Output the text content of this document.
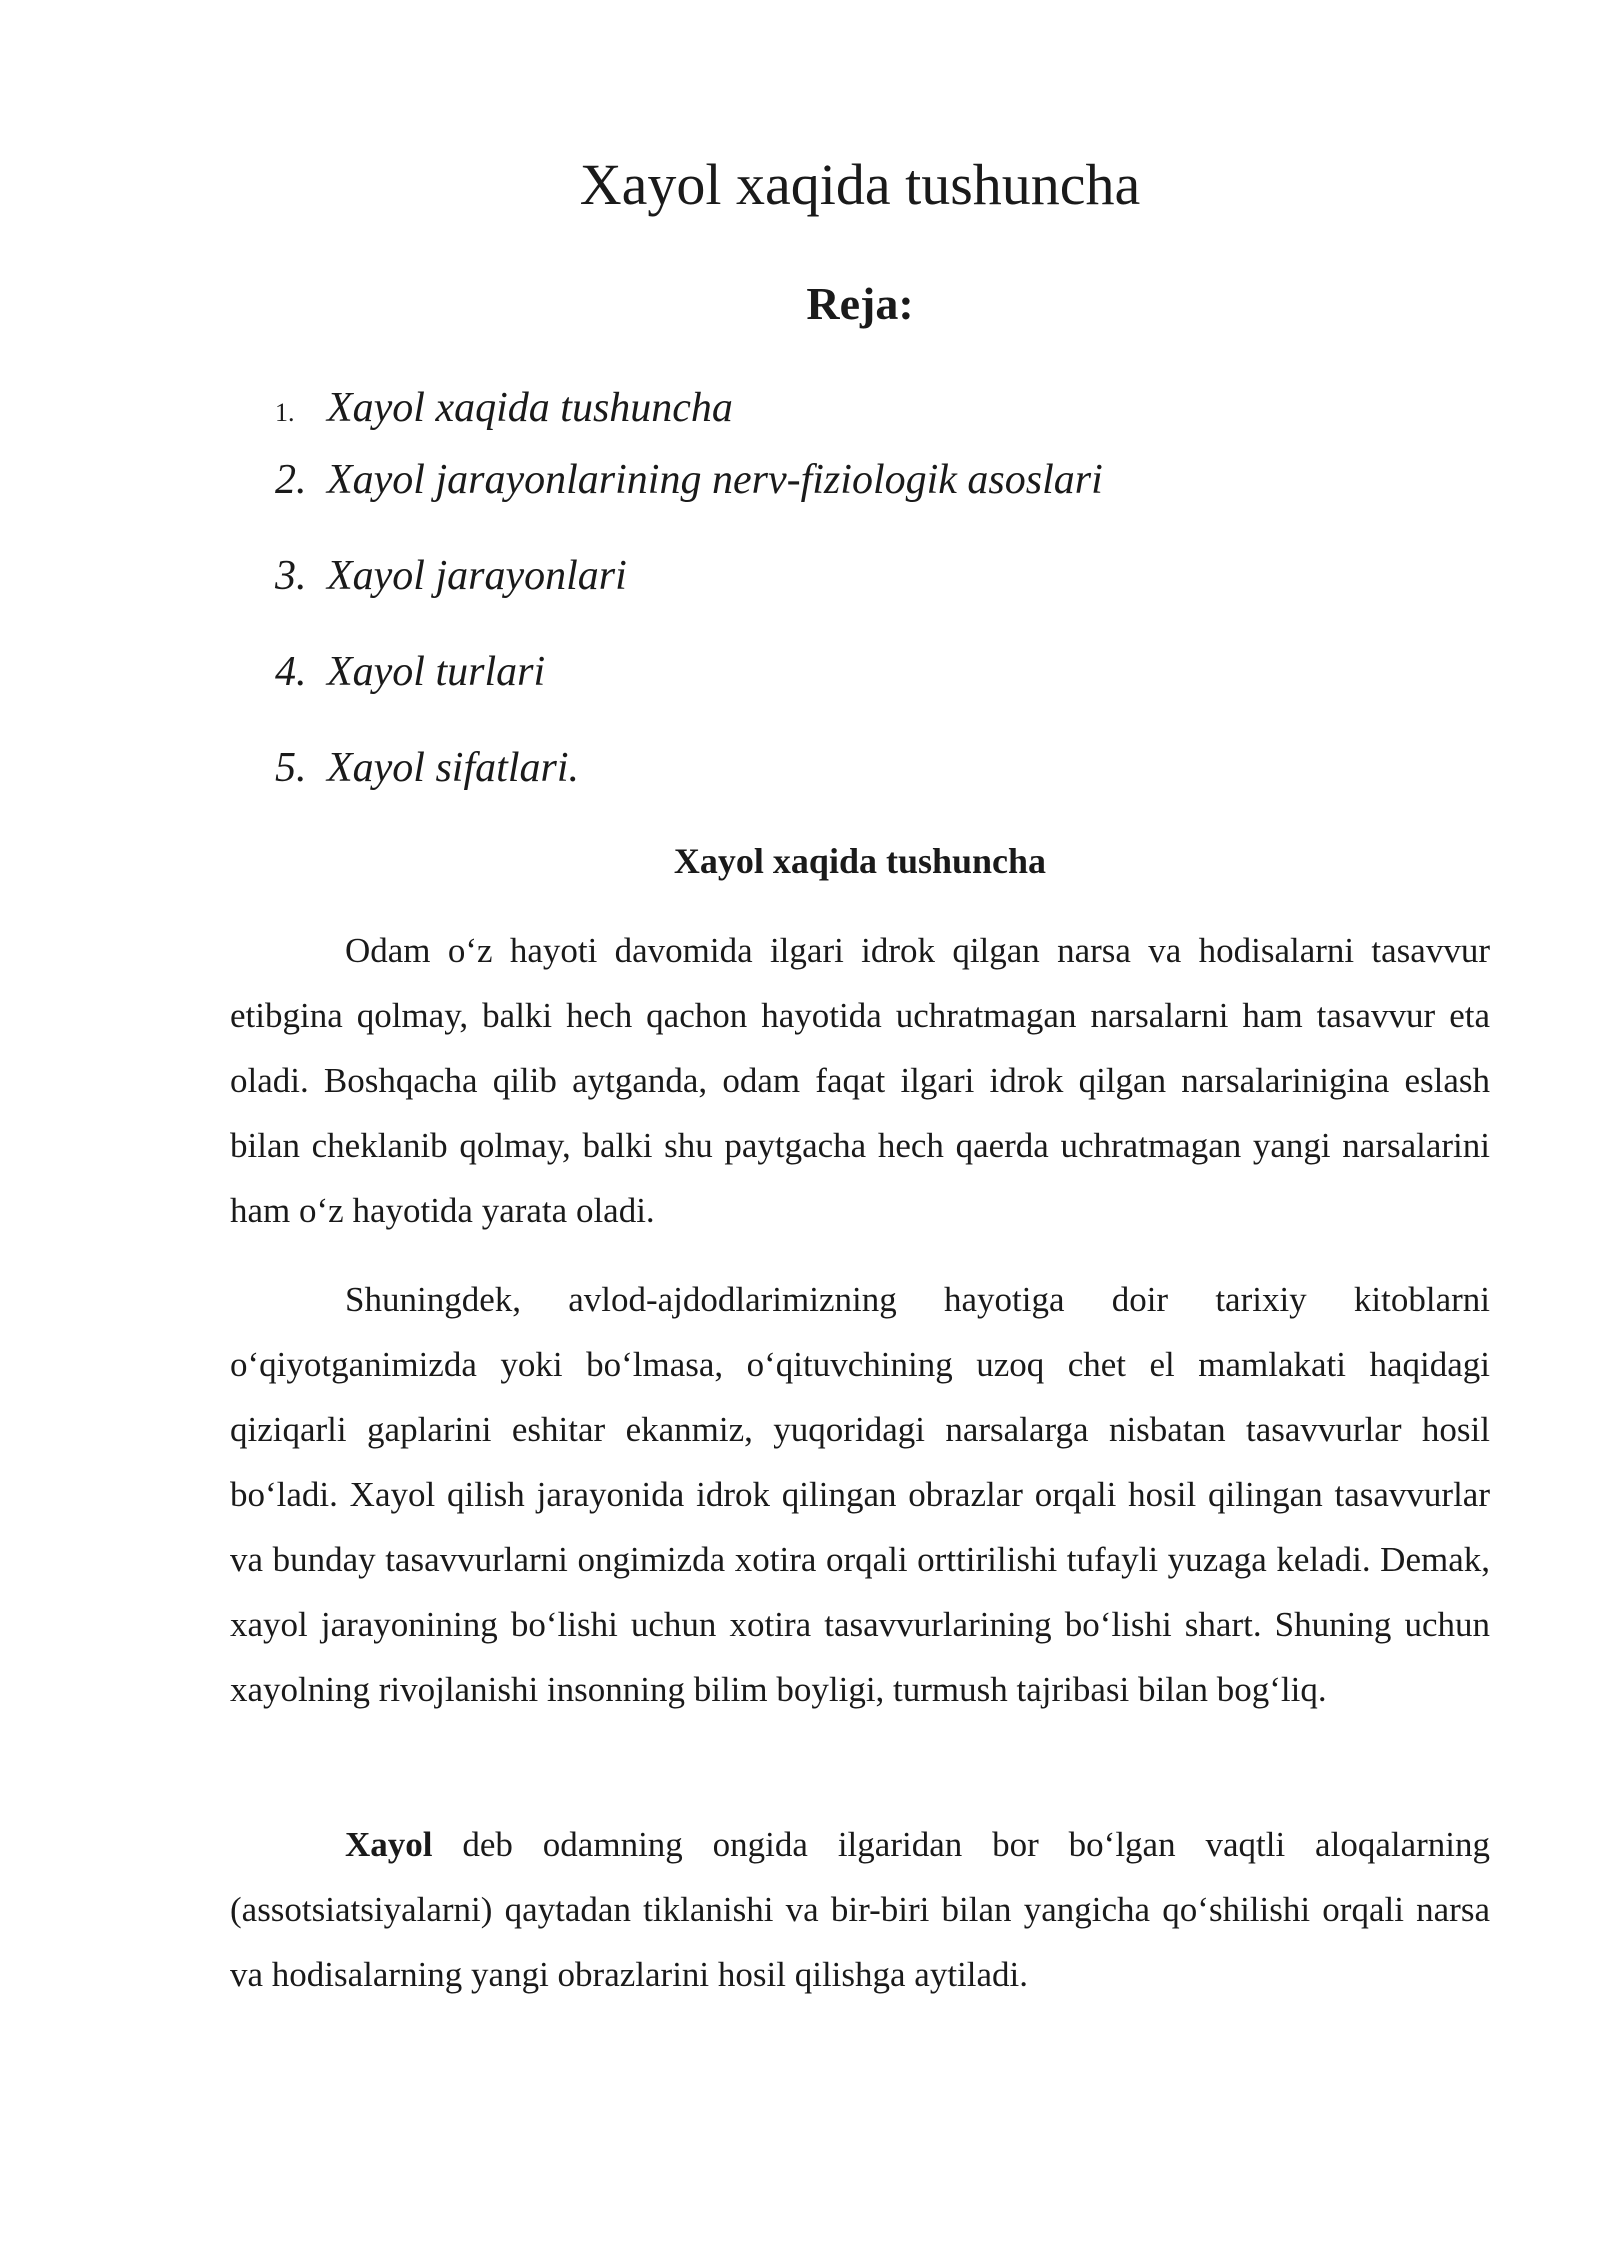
Xayol xaqida tushuncha
Reja:
1. Xayol xaqida tushuncha
2. Xayol jarayonlarining nerv-fiziologik asoslari
3. Xayol jarayonlari
4. Xayol turlari
5. Xayol sifatlari.
Xayol xaqida tushuncha

Odam o‘z hayoti davomida ilgari idrok qilgan narsa va hodisalarni tasavvur etibgina qolmay, balki hech qachon hayotida uchratmagan narsalarni ham tasavvur eta oladi. Boshqacha qilib aytganda, odam faqat ilgari idrok qilgan narsalarinigina eslash bilan cheklanib qolmay, balki shu paytgacha hech qaerda uchratmagan yangi narsalarini ham o‘z hayotida yarata oladi.

Shuningdek, avlod-ajdodlarimizning hayotiga doir tarixiy kitoblarni o‘qiyotganimizda yoki bo‘lmasa, o‘qituvchining uzoq chet el mamlakati haqidagi qiziqarli gaplarini eshitar ekanmiz, yuqoridagi narsalarga nisbatan tasavvurlar hosil bo‘ladi. Xayol qilish jarayonida idrok qilingan obrazlar orqali hosil qilingan tasavvurlar va bunday tasavvurlarni ongimizda xotira orqali orttirilishi tufayli yuzaga keladi. Demak, xayol jarayonining bo‘lishi uchun xotira tasavvurlarining bo‘lishi shart. Shuning uchun xayolning rivojlanishi insonning bilim boyligi, turmush tajribasi bilan bog‘liq.

Xayol deb odamning ongida ilgaridan bor bo‘lgan vaqtli aloqalarning (assotsiatsiyalarni) qaytadan tiklanishi va bir-biri bilan yangicha qo‘shilishi orqali narsa va hodisalarning yangi obrazlarini hosil qilishga aytiladi.
